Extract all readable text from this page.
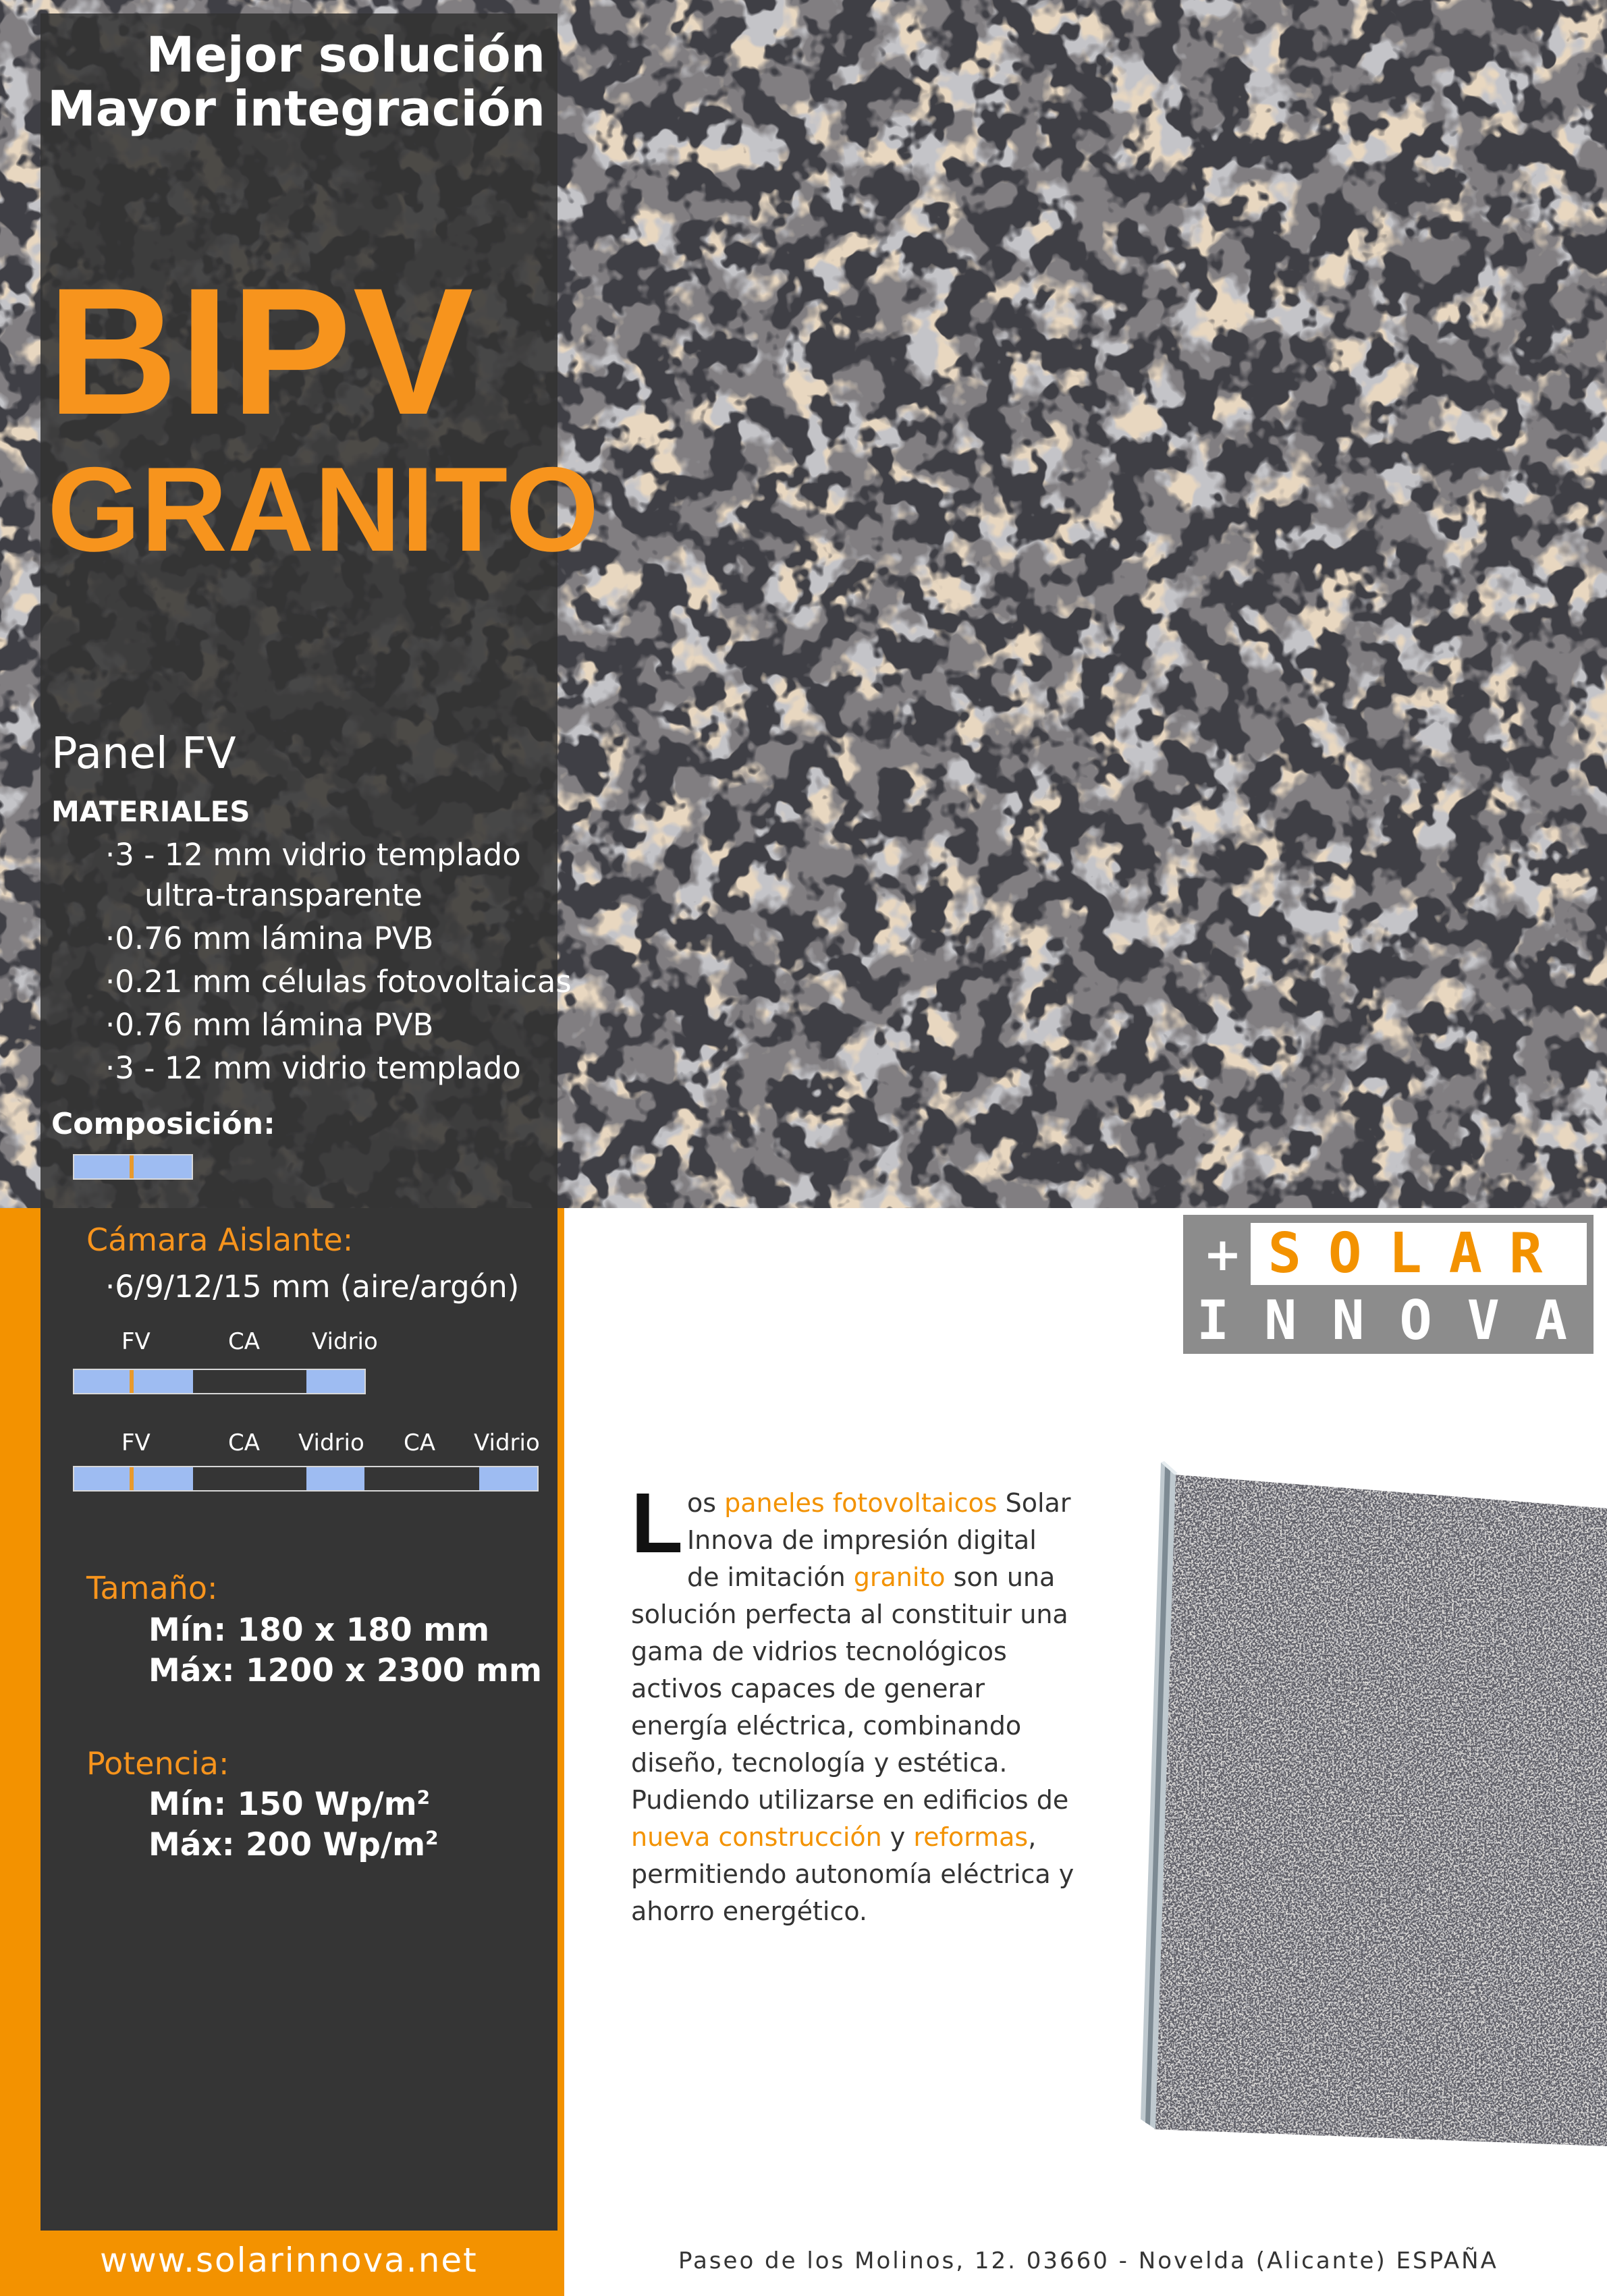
Mejor solución
Mayor integración
BIPV
GRANITO
Panel FV
MATERIALES
·3 - 12 mm vidrio templado
ultra-transparente
·0.76 mm lámina PVB
·0.21 mm células fotovoltaicas
·0.76 mm lámina PVB
·3 - 12 mm vidrio templado
Composición:
Cámara Aislante:
·6/9/12/15 mm (aire/argón)
FV	CA Vidrio
FV	CA Vidrio CA Vidrio
Tamaño:
Mín: 180 x 180 mm
Máx: 1200 x 2300 mm
Potencia:
Mín: 150 $Wp/m^2$
Máx: 200 $Wp/m^2$
+ SOLAR
INNOVA
Los paneles fotovoltaicos Solar Innova de impresión digital de imitación granito son una solución perfecta al constituir una gama de vidrios tecnológicos activos capaces de generar energía eléctrica, combinando diseño, tecnología y estética. Pudiendo utilizarse en edificios de nueva construcción y reformas, permitiendo autonomía eléctrica y ahorro energético.
www.solarinnova.net	Paseo de los Molinos, 12. 03660 - Novelda (Alicante) ESPAÑA
